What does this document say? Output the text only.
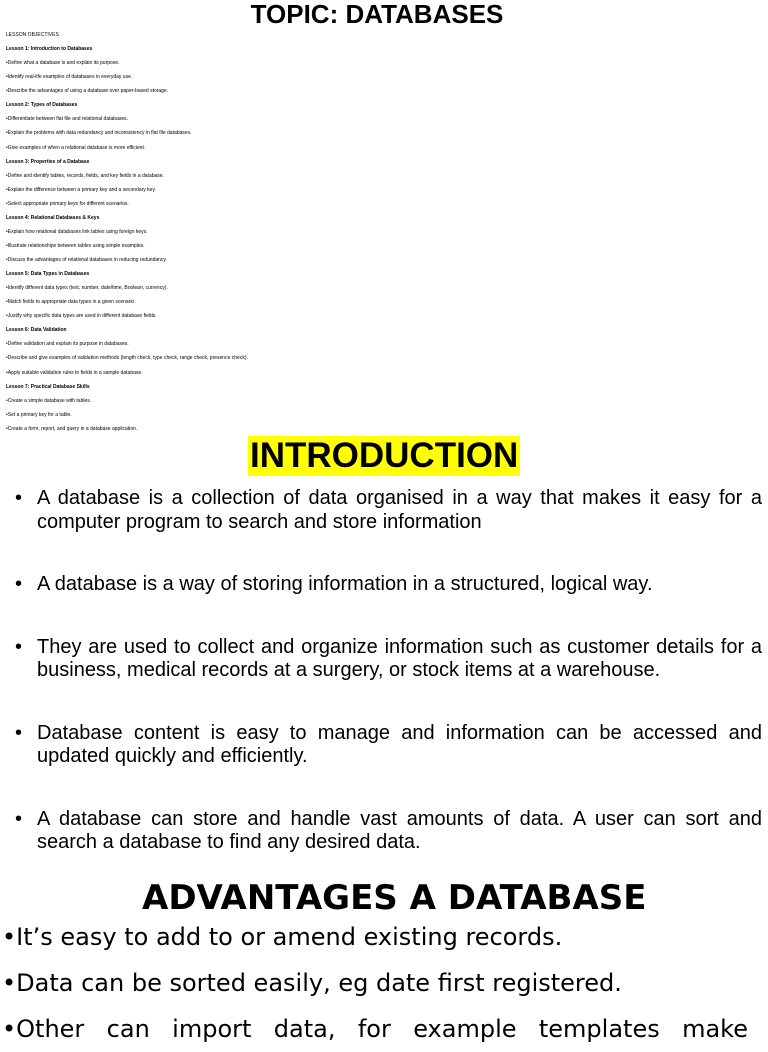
TOPIC: DATABASES
LESSON OBJECTIVES
Lesson 1: Introduction to Databases
•Define what a database is and explain its purpose.
•Identify real-life examples of databases in everyday use.
•Describe the advantages of using a database over paper-based storage.
Lesson 2: Types of Databases
•Differentiate between flat file and relational databases.
•Explain the problems with data redundancy and inconsistency in flat file databases.
•Give examples of when a relational database is more efficient.
Lesson 3: Properties of a Database
•Define and identify tables, records, fields, and key fields in a database.
•Explain the difference between a primary key and a secondary key.
•Select appropriate primary keys for different scenarios.
Lesson 4: Relational Databases & Keys
•Explain how relational databases link tables using foreign keys.
•Illustrate relationships between tables using simple examples.
•Discuss the advantages of relational databases in reducing redundancy.
Lesson 5: Data Types in Databases
•Identify different data types (text, number, date/time, Boolean, currency).
•Match fields to appropriate data types in a given scenario.
•Justify why specific data types are used in different database fields.
Lesson 6: Data Validation
•Define validation and explain its purpose in databases.
•Describe and give examples of validation methods (length check, type check, range check, presence check).
•Apply suitable validation rules to fields in a sample database.
Lesson 7: Practical Database Skills
•Create a simple database with tables.
•Set a primary key for a table.
•Create a form, report, and query in a database application.
INTRODUCTION
• A database is a collection of data organised in a way that makes it easy for a computer program to search and store information
• A database is a way of storing information in a structured, logical way.
• They are used to collect and organize information such as customer details for a business, medical records at a surgery, or stock items at a warehouse.
• Database content is easy to manage and information can be accessed and updated quickly and efficiently.
• A database can store and handle vast amounts of data. A user can sort and search a database to find any desired data.
ADVANTAGES A DATABASE
•It’s easy to add to or amend existing records.
•Data can be sorted easily, eg date first registered.
•Other can import data, for example templates make
